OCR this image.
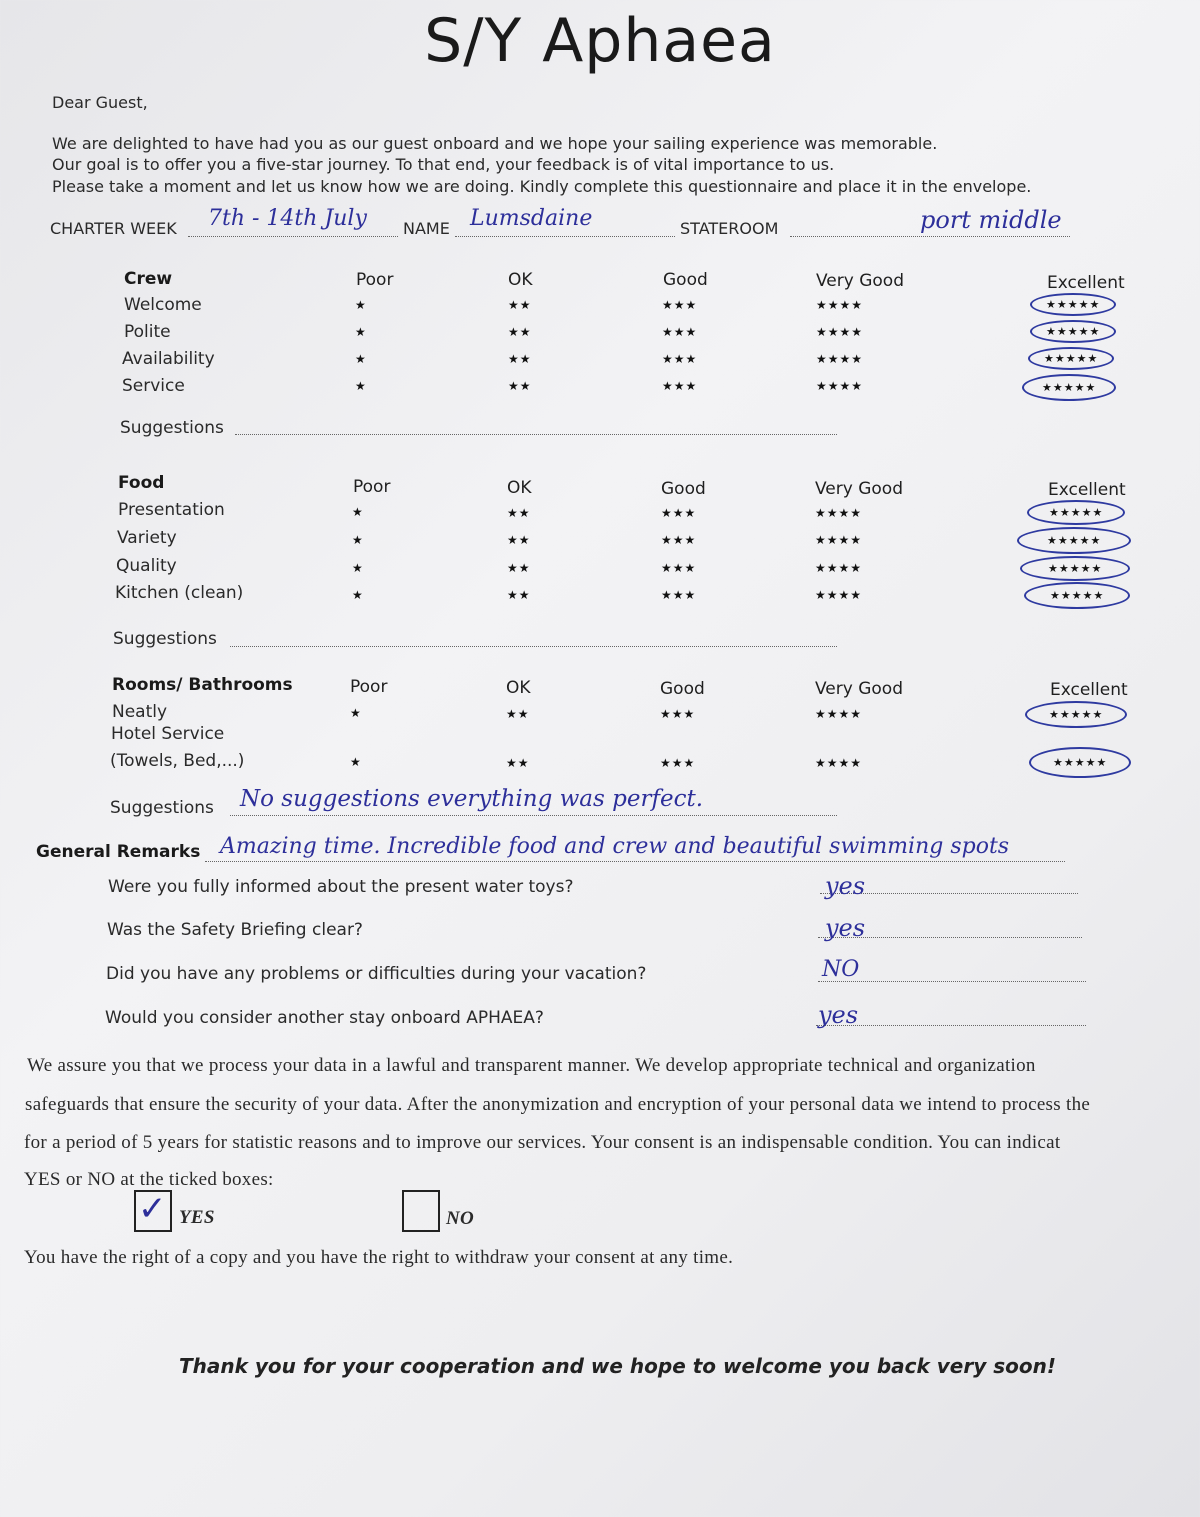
S/Y Aphaea
Dear Guest,
We are delighted to have had you as our guest onboard and we hope your sailing experience was memorable.
Our goal is to offer you a five-star journey. To that end, your feedback is of vital importance to us.
Please take a moment and let us know how we are doing. Kindly complete this questionnaire and place it in the envelope.
CHARTER WEEK 7th - 14th July NAME Lumsdaine	STATEROOM	port middle
Crew	Poor	OK	Good	Very Good	Excellent
Welcome	★	★★	★★★	★★★★	★★★★★
Polite	★	★★	★★★	★★★★	★★★★★
Availability	★	★★	★★★	★★★★	★★★★★
Service	★	★★	★★★	★★★★	★★★★★
Suggestions
Food	Poor	OK	Good	Very Good	Excellent
Presentation	★	★★	★★★	★★★★	★★★★★
Variety	★	★★	★★★	★★★★	★★★★★
Quality	★	★★	★★★	★★★★	★★★★★
Kitchen (clean)	★	★★	★★★	★★★★	★★★★★
Suggestions
Rooms/ Bathrooms	Poor	OK	Good	Very Good	Excellent
Neatly	★	★★	★★★	★★★★	★★★★★
Hotel Service
(Towels, Bed,...)	★	★★	★★★	★★★★	★★★★★
Suggestions No suggestions everything was perfect.
General Remarks Amazing time. Incredible food and crew and beautiful swimming spots
Were you fully informed about the present water toys?	yes
Was the Safety Briefing clear?	yes
Did you have any problems or difficulties during your vacation?	NO
Would you consider another stay onboard APHAEA?	yes
We assure you that we process your data in a lawful and transparent manner. We develop appropriate technical and organization
safeguards that ensure the security of your data. After the anonymization and encryption of your personal data we intend to process the
for a period of 5 years for statistic reasons and to improve our services. Your consent is an indispensable condition. You can indicat
YES or NO at the ticked boxes:
✓ YES	NO
You have the right of a copy and you have the right to withdraw your consent at any time.
Thank you for your cooperation and we hope to welcome you back very soon!
